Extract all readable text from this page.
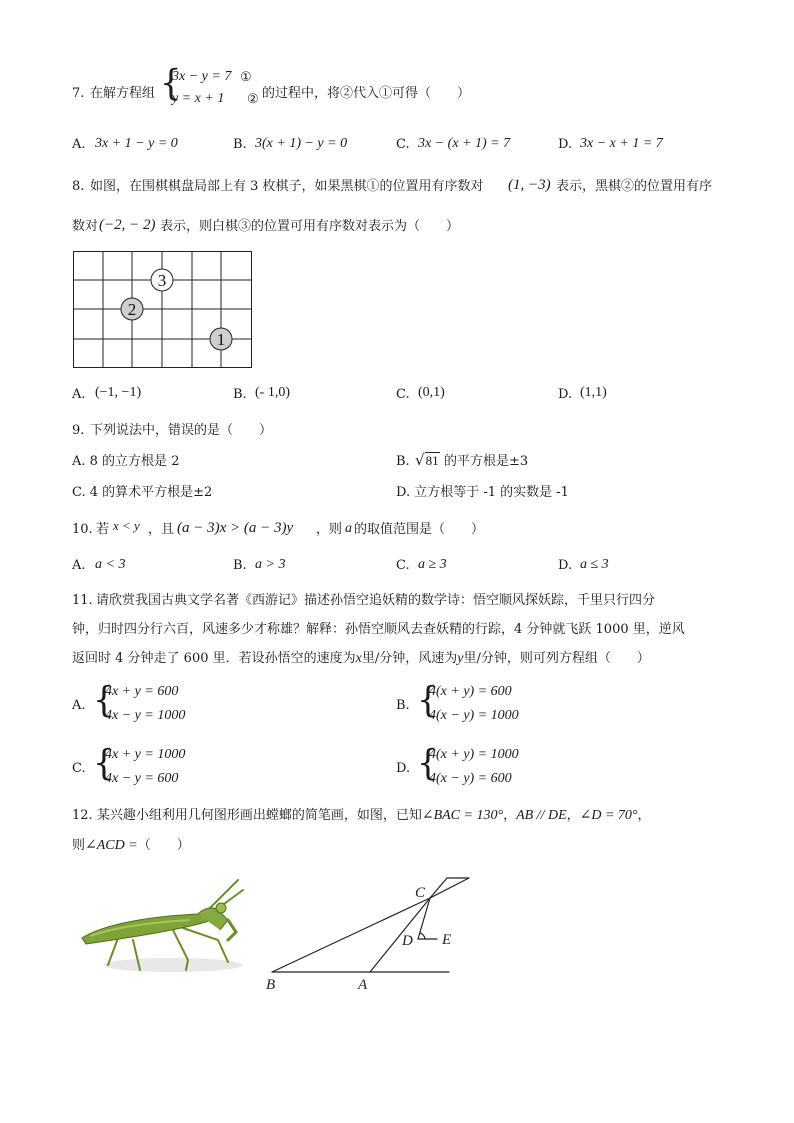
7. 在解方程组 {
3x − y = 7 ①
y = x + 1 ② 的过程中，将②代入①可得（　　）
A. 3x + 1 − y = 0	B. 3(x + 1) − y = 0	C. 3x − (x + 1) = 7	D. 3x − x + 1 = 7
8. 如图，在围棋棋盘局部上有 3 枚棋子，如果黑棋①的位置用有序数对 (1, −3) 表示，黑棋②的位置用有序
数对 (−2, − 2) 表示，则白棋③的位置可用有序数对表示为（　　）
3
2
1
A. (−1, −1)	B. (- 1,0)	C. (0,1)	D. (1,1)
9. 下列说法中，错误的是（　　）
A. 8 的立方根是 2	B. √81 的平方根是±3
C. 4 的算术平方根是±2	D. 立方根等于 -1 的实数是 -1
10. 若 x < y ，且 (a − 3)x > (a − 3)y ，则 a 的取值范围是（　　）
A. a < 3	B. a > 3	C. a ≥ 3	D. a ≤ 3
11. 请欣赏我国古典文学名著《西游记》描述孙悟空追妖精的数学诗：悟空顺风探妖踪，千里只行四分
钟，归时四分行六百，风速多少才称雄？解释：孙悟空顺风去查妖精的行踪，4 分钟就飞跃 1000 里，逆风
返回时 4 分钟走了 600 里．若设孙悟空的速度为x里/分钟，风速为y里/分钟，则可列方程组（　　）
A. {
4x + y = 600
4x − y = 1000
B. {
4(x + y) = 600
4(x − y) = 1000
C. {
4x + y = 1000
4x − y = 600
D. {
4(x + y) = 1000
4(x − y) = 600
12. 某兴趣小组利用几何图形画出螳螂的简笔画，如图，已知∠BAC = 130°，AB // DE，∠D = 70°，
则∠ACD =（　　）
B	A
C
D E
